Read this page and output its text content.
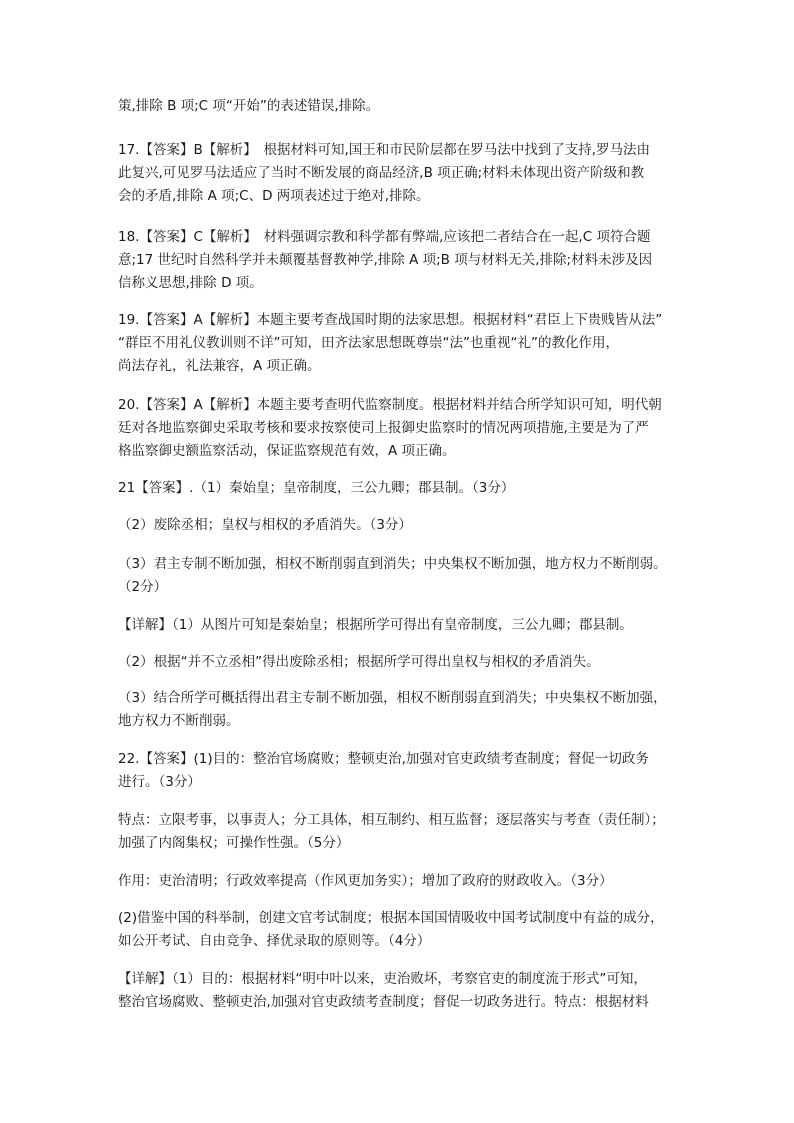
策,排除 B 项;C 项“开始”的表述错误,排除。

17.【答案】B【解析】　根据材料可知,国王和市民阶层都在罗马法中找到了支持,罗马法由
此复兴,可见罗马法适应了当时不断发展的商品经济,B 项正确;材料未体现出资产阶级和教
会的矛盾,排除 A 项;C、D 两项表述过于绝对,排除。

18.【答案】C【解析】　材料强调宗教和科学都有弊端,应该把二者结合在一起,C 项符合题
意;17 世纪时自然科学并未颠覆基督教神学,排除 A 项;B 项与材料无关,排除;材料未涉及因
信称义思想,排除 D 项。

19.【答案】A【解析】本题主要考查战国时期的法家思想。根据材料“君臣上下贵贱皆从法”
“群臣不用礼仪教训则不详”可知，田齐法家思想既尊崇“法”也重视“礼”的教化作用，
尚法存礼，礼法兼容，A 项正确。

20.【答案】A【解析】本题主要考查明代监察制度。根据材料并结合所学知识可知，明代朝
廷对各地监察御史采取考核和要求按察使司上报御史监察时的情况两项措施,主要是为了严
格监察御史额监察活动，保证监察规范有效，A 项正确。

21【答案】.（1）秦始皇；皇帝制度，三公九卿；郡县制。（3分）

（2）废除丞相；皇权与相权的矛盾消失。（3分）

（3）君主专制不断加强，相权不断削弱直到消失；中央集权不断加强，地方权力不断削弱。
（2分）

【详解】（1）从图片可知是秦始皇；根据所学可得出有皇帝制度，三公九卿；郡县制。

（2）根据“并不立丞相”得出废除丞相；根据所学可得出皇权与相权的矛盾消失。

（3）结合所学可概括得出君主专制不断加强，相权不断削弱直到消失；中央集权不断加强，
地方权力不断削弱。

22.【答案】(1)目的：整治官场腐败；整顿吏治,加强对官吏政绩考查制度；督促一切政务
进行。（3分）

特点：立限考事，以事责人；分工具体，相互制约、相互监督；逐层落实与考查（责任制）；
加强了内阁集权；可操作性强。（5分）

作用：吏治清明；行政效率提高（作风更加务实）；增加了政府的财政收入。（3分）

(2)借鉴中国的科举制，创建文官考试制度；根据本国国情吸收中国考试制度中有益的成分，
如公开考试、自由竞争、择优录取的原则等。（4分）

【详解】（1）目的：根据材料“明中叶以来，吏治败坏，考察官吏的制度流于形式”可知，
整治官场腐败、整顿吏治,加强对官吏政绩考查制度；督促一切政务进行。特点：根据材料
